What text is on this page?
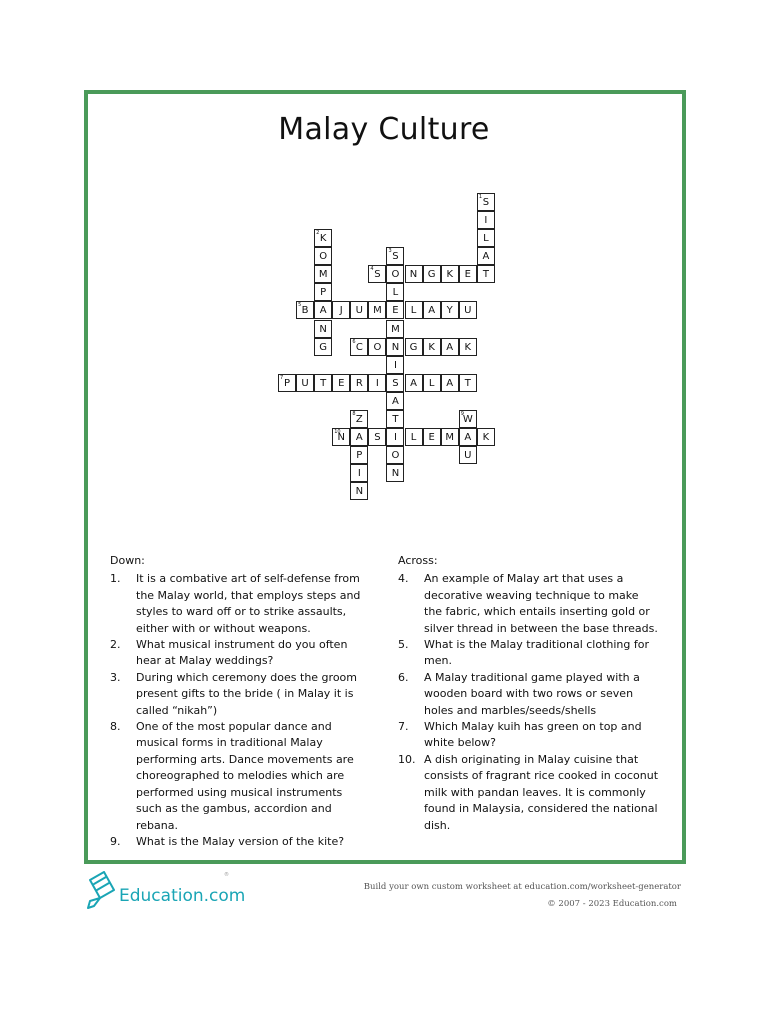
Malay Culture
S
I
L
A
T
K
O
M
P
A
N
G
S
O
L
E
M
N
I
S
A
T
I
O
N
S	N	G	K	E
B	J	U	M	L	A	Y	U
C	O	G	K	A	K
P	U	T	E	R	I	A	L	A	T
Z
A
P
I
N
W
A
U
N	S	L	E	M	K
1
2
3
4
5
6
7
8	9
10
Down:
1.	It is a combative art of self-defense from the Malay world, that employs steps and styles to ward off or to strike assaults, either with or without weapons.
2.	What musical instrument do you often hear at Malay weddings?
3.	During which ceremony does the groom present gifts to the bride ( in Malay it is called “nikah”)
8.	One of the most popular dance and musical forms in traditional Malay performing arts. Dance movements are choreographed to melodies which are performed using musical instruments such as the gambus, accordion and rebana.
9.	What is the Malay version of the kite?
Across:
4.	An example of Malay art that uses a decorative weaving technique to make the fabric, which entails inserting gold or silver thread in between the base threads.
5.	What is the Malay traditional clothing for men.
6.	A Malay traditional game played with a wooden board with two rows or seven holes and marbles/seeds/shells
7.	Which Malay kuih has green on top and white below?
10. A dish originating in Malay cuisine that consists of fragrant rice cooked in coconut milk with pandan leaves. It is commonly found in Malaysia, considered the national dish.
Education.com
®
Build your own custom worksheet at education.com/worksheet-generator
© 2007 - 2023 Education.com
